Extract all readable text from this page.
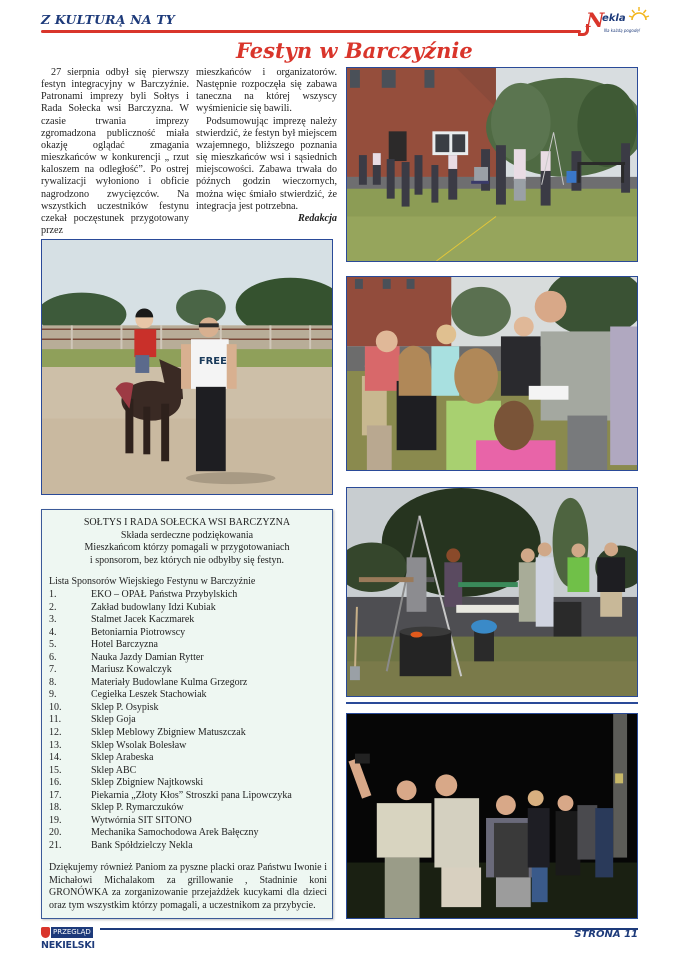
Z KULTURĄ NA TY	N
ekla
Na każdą pogodę!
Festyn w Barczyźnie

27 sierpnia odbył się pierwszy festyn integracyjny w Barczyźnie. Patronami imprezy byli Sołtys i Rada Sołecka wsi Barczyzna. W czasie trwania imprezy zgromadzona publiczność miała okazję oglądać zmagania mieszkańców w konkurencji „ rzut kaloszem na odległość”. Po ostrej rywalizacji wyłoniono i obficie nagrodzono zwycięzców. Na wszystkich uczestników festynu czekał poczęstunek przygotowany przez

mieszkańców i organizatorów. Następnie rozpoczęła się zabawa taneczna na której wszyscy wyśmienicie się bawili.

Podsumowując imprezę należy stwierdzić, że festyn był miejscem wzajemnego, bliższego poznania się mieszkańców wsi i sąsiednich miejscowości. Zabawa trwała do późnych godzin wieczornych, można więc śmiało stwierdzić, że integracja jest potrzebna.

Redakcja
FREE
SOŁTYS I RADA SOŁECKA WSI BARCZYZNA
Składa serdeczne podziękowania
Mieszkańcom którzy pomagali w przygotowaniach
i sponsorom, bez których nie odbyłby się festyn.
Lista Sponsorów Wiejskiego Festynu w Barczyźnie
1.	EKO – OPAŁ Państwa Przybylskich
2.	Zakład budowlany Idzi Kubiak
3.	Stalmet Jacek Kaczmarek
4.	Betoniarnia Piotrowscy
5.	Hotel Barczyzna
6.	Nauka Jazdy Damian Rytter
7.	Mariusz Kowalczyk
8.	Materiały Budowlane Kulma Grzegorz
9.	Cegiełka Leszek Stachowiak
10.	Sklep P. Osypisk
11.	Sklep Goja
12.	Sklep Meblowy Zbigniew Matuszczak
13.	Sklep Wsolak Bolesław
14.	Sklep Arabeska
15.	Sklep ABC
16.	Sklep Zbigniew Najtkowski
17.	Piekarnia „Złoty Kłos” Stroszki pana Lipowczyka
18.	Sklep P. Rymarczuków
19.	Wytwórnia SIT SITONO
20.	Mechanika Samochodowa Arek Bałęczny
21.	Bank Spółdzielczy Nekla
Dziękujemy również Paniom za pyszne placki oraz Państwu Iwonie i Michałowi Michalakom za grillowanie , Stadninie koni GRONÓWKA za zorganizowanie przejażdżek kucykami dla dzieci oraz tym wszystkim którzy pomagali, a uczestnikom za przybycie.
PRZEGLĄD
NEKIELSKI
STRONA 11
